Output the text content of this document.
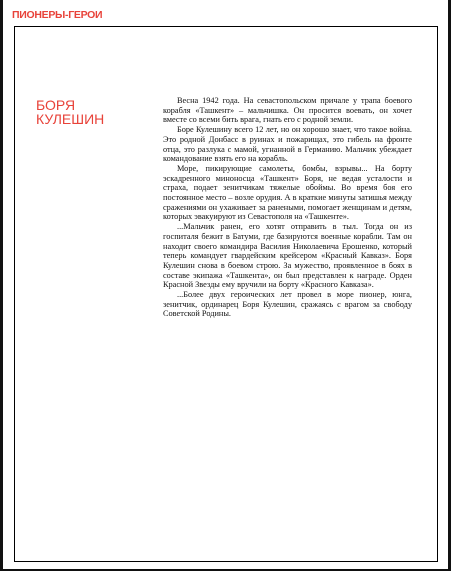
ПИОНЕРЫ-ГЕРОИ
БОРЯ
КУЛЕШИН

Весна 1942 года. На севастопольском причале у трапа боевого корабля «Ташкент» – мальчишка. Он просится воевать, он хочет вместе со всеми бить врага, гнать его с родной земли.

Боре Кулешину всего 12 лет, но он хорошо знает, что такое война. Это родной Донбасс в руинах и пожарищах, это гибель на фронте отца, это разлука с мамой, угнанной в Германию. Мальчик убеждает командование взять его на корабль.

Море, пикирующие самолеты, бомбы, взрывы... На борту эскадренного миноносца «Ташкент» Боря, не ведая усталости и страха, подает зенитчикам тяжелые обоймы. Во время боя его постоянное место – возле орудия. А в краткие минуты затишья между сражениями он ухаживает за ранеными, помогает женщинам и детям, которых эвакуируют из Севастополя на «Ташкенте».

...Мальчик ранен, его хотят отправить в тыл. Тогда он из госпиталя бежит в Батуми, где базируются военные корабли. Там он находит своего командира Василия Николаевича Ерошенко, который теперь командует гвардейским крейсером «Красный Кавказ». Боря Кулешин снова в боевом строю. За мужество, проявленное в боях в составе экипажа «Ташкента», он был представлен к награде. Орден Красной Звезды ему вручили на борту «Красного Кавказа».

...Более двух героических лет провел в море пионер, юнга, зенитчик, ординарец Боря Кулешин, сражаясь с врагом за свободу Советской Родины.
